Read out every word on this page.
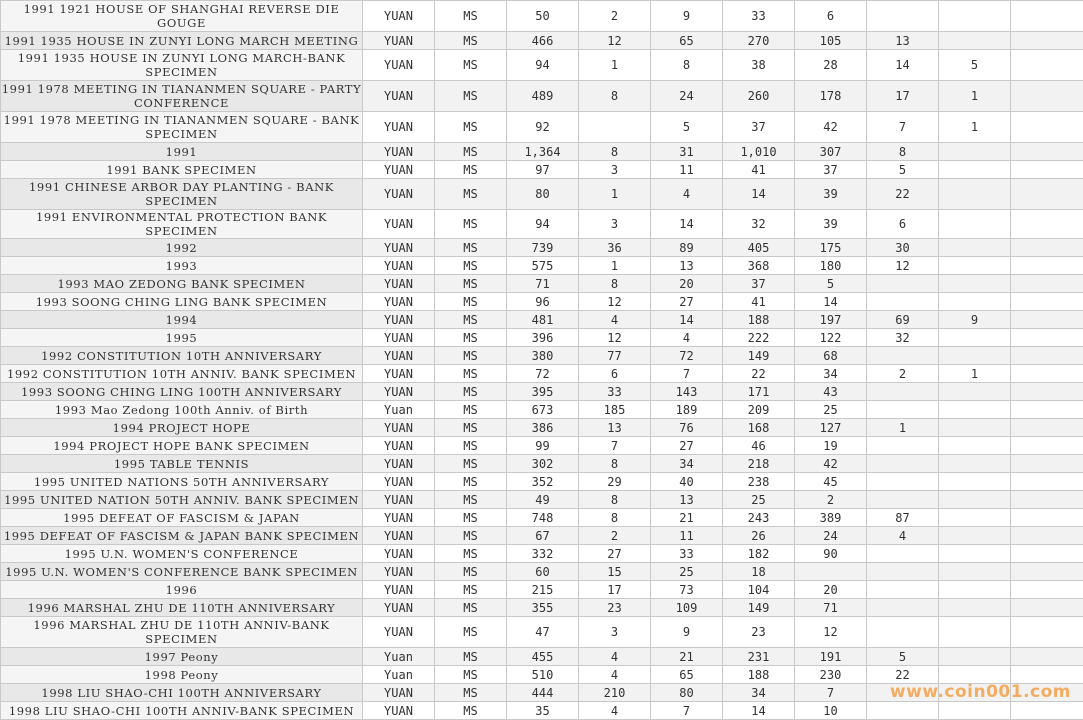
1991 1921 HOUSE OF SHANGHAI REVERSE DIE GOUGE	YUAN	MS	50	2	9	33	6			
1991 1935 HOUSE IN ZUNYI LONG MARCH MEETING	YUAN	MS	466	12	65	270	105	13		
1991 1935 HOUSE IN ZUNYI LONG MARCH-BANK SPECIMEN	YUAN	MS	94	1	8	38	28	14	5	
1991 1978 MEETING IN TIANANMEN SQUARE - PARTY CONFERENCE	YUAN	MS	489	8	24	260	178	17	1	
1991 1978 MEETING IN TIANANMEN SQUARE - BANK SPECIMEN	YUAN	MS	92		5	37	42	7	1	
1991	YUAN	MS	1,364	8	31	1,010	307	8		
1991 BANK SPECIMEN	YUAN	MS	97	3	11	41	37	5		
1991 CHINESE ARBOR DAY PLANTING - BANK SPECIMEN	YUAN	MS	80	1	4	14	39	22		
1991 ENVIRONMENTAL PROTECTION BANK SPECIMEN	YUAN	MS	94	3	14	32	39	6		
1992	YUAN	MS	739	36	89	405	175	30		
1993	YUAN	MS	575	1	13	368	180	12		
1993 MAO ZEDONG BANK SPECIMEN	YUAN	MS	71	8	20	37	5			
1993 SOONG CHING LING BANK SPECIMEN	YUAN	MS	96	12	27	41	14			
1994	YUAN	MS	481	4	14	188	197	69	9	
1995	YUAN	MS	396	12	4	222	122	32		
1992 CONSTITUTION 10TH ANNIVERSARY	YUAN	MS	380	77	72	149	68			
1992 CONSTITUTION 10TH ANNIV. BANK SPECIMEN	YUAN	MS	72	6	7	22	34	2	1	
1993 SOONG CHING LING 100TH ANNIVERSARY	YUAN	MS	395	33	143	171	43			
1993 Mao Zedong 100th Anniv. of Birth	Yuan	MS	673	185	189	209	25			
1994 PROJECT HOPE	YUAN	MS	386	13	76	168	127	1		
1994 PROJECT HOPE BANK SPECIMEN	YUAN	MS	99	7	27	46	19			
1995 TABLE TENNIS	YUAN	MS	302	8	34	218	42			
1995 UNITED NATIONS 50TH ANNIVERSARY	YUAN	MS	352	29	40	238	45			
1995 UNITED NATION 50TH ANNIV. BANK SPECIMEN	YUAN	MS	49	8	13	25	2			
1995 DEFEAT OF FASCISM & JAPAN	YUAN	MS	748	8	21	243	389	87		
1995 DEFEAT OF FASCISM & JAPAN BANK SPECIMEN	YUAN	MS	67	2	11	26	24	4		
1995 U.N. WOMEN'S CONFERENCE	YUAN	MS	332	27	33	182	90			
1995 U.N. WOMEN'S CONFERENCE BANK SPECIMEN	YUAN	MS	60	15	25	18				
1996	YUAN	MS	215	17	73	104	20			
1996 MARSHAL ZHU DE 110TH ANNIVERSARY	YUAN	MS	355	23	109	149	71			
1996 MARSHAL ZHU DE 110TH ANNIV-BANK SPECIMEN	YUAN	MS	47	3	9	23	12			
1997 Peony	Yuan	MS	455	4	21	231	191	5		
1998 Peony	Yuan	MS	510	4	65	188	230	22		
1998 LIU SHAO-CHI 100TH ANNIVERSARY	YUAN	MS	444	210	80	34	7			
1998 LIU SHAO-CHI 100TH ANNIV-BANK SPECIMEN	YUAN	MS	35	4	7	14	10			
www.coin001.com
